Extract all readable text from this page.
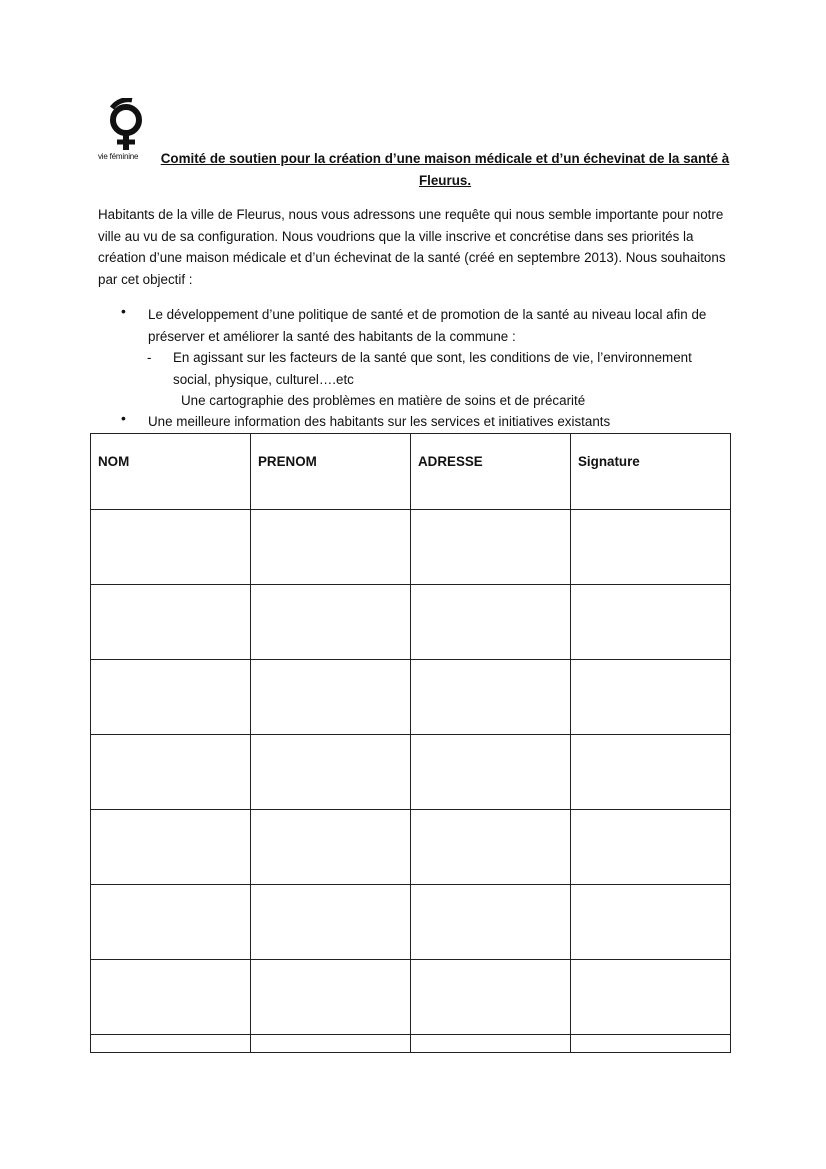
vie féminine	Comité de soutien pour la création d’une maison médicale et d’un échevinat de la santé à
Fleurus.

Habitants de la ville de Fleurus, nous vous adressons une requête qui nous semble importante pour notre ville au vu de sa configuration. Nous voudrions que la ville inscrive et concrétise dans ses priorités la création d’une maison médicale et d’un échevinat de la santé (créé en septembre 2013). Nous souhaitons par cet objectif :

• Le développement d’une politique de santé et de promotion de la santé au niveau local afin de préserver et améliorer la santé des habitants de la commune :
- En agissant sur les facteurs de la santé que sont, les conditions de vie, l’environnement social, physique, culturel….etc
Une cartographie des problèmes en matière de soins et de précarité
• Une meilleure information des habitants sur les services et initiatives existants
NOM	PRENOM	ADRESSE	Signature
